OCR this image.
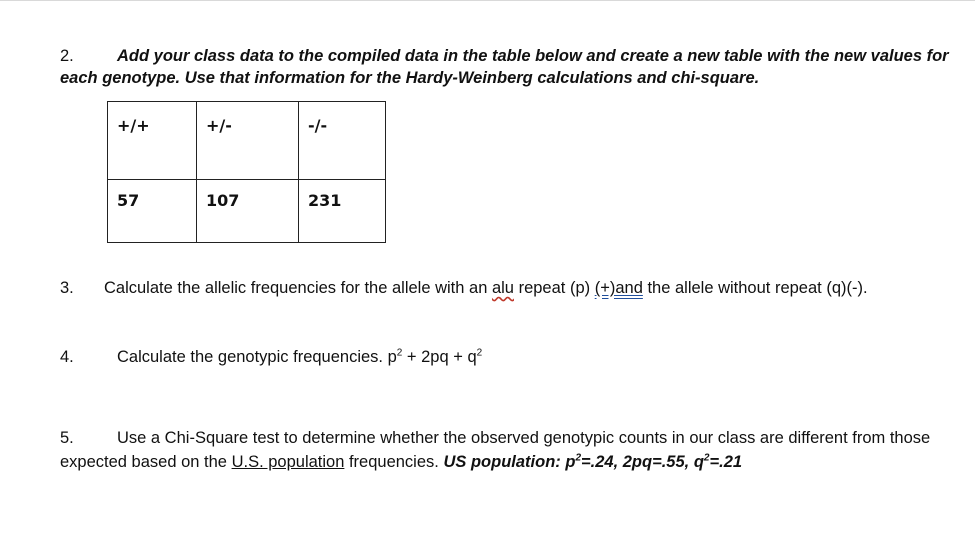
2.	Add your class data to the compiled data in the table below and create a new table with the new values for each genotype. Use that information for the Hardy-Weinberg calculations and chi-square.
+/+	+/-	-/-
57	107	231
3. Calculate the allelic frequencies for the allele with an alu repeat (p) (+)and the allele without repeat (q)(-).
4.	Calculate the genotypic frequencies. $p^2 + 2pq + q^2$
5.	Use a Chi-Square test to determine whether the observed genotypic counts in our class are different from those expected based on the U.S. population frequencies. US population: $p^2=.24$, 2pq=.55, $q^2=.21$
